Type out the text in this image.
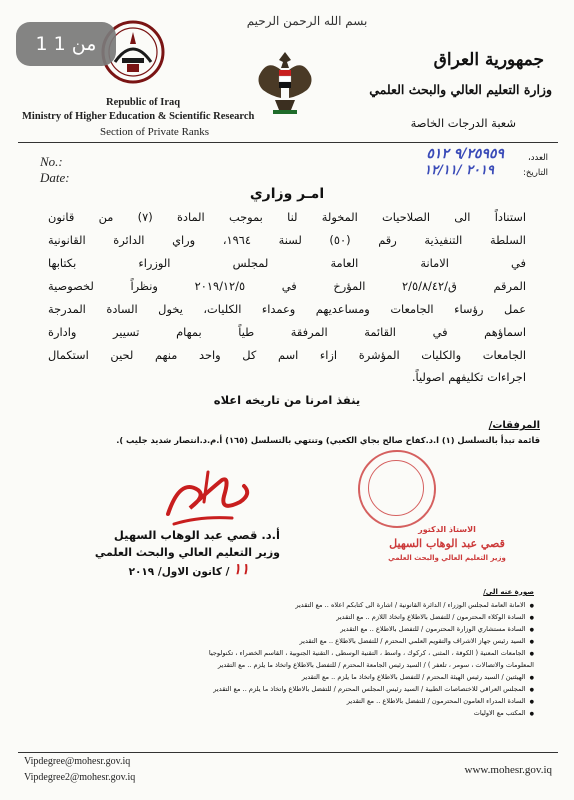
بسم الله الرحمن الرحيم
Republic of Iraq
Ministry of Higher Education & Scientific Research
Section of Private Ranks
جمهورية العراق
وزارة التعليم العالي والبحث العلمي
شعبة الدرجات الخاصة
No.:
Date:
العدد،
التاريخ:
٩/٢٥٩٥٩ ٥١٢
٢٠١٩ /١٢/١١
امـر وزاري
استناداً الى الصلاحيات المخولة لنا بموجب المادة (٧) من قانون
السلطة التنفيذية رقم (٥٠) لسنة ١٩٦٤، وراي الدائرة القانونية
في الامانة العامة لمجلس الوزراء بكتابها
المرقم ق/٢/٥/٨/٤٢ المؤرخ في ٢٠١٩/١٢/٥ ونظراً لخصوصية
عمل رؤساء الجامعات ومساعديهم وعمداء الكليات، يخول السادة المدرجة
اسماؤهم في القائمة المرفقة طياً بمهام تسيير وادارة
الجامعات والكليات المؤشرة ازاء اسم كل واحد منهم لحين استكمال
اجراءات تكليفهم اصولياً.
ينفذ امرنا من تاريخه اعلاه
المرفقات/
قائمة تبدأ بالتسلسل (١) ا.د.كفاح صالح بجاي الكعبي) وتنتهي بالتسلسل (١٦٥) أ.م.د.انتصار شديد جليب ).
أ.د. قصي عبد الوهاب السهيل
وزير التعليم العالي والبحث العلمي
/ كانون الاول/ ٢٠١٩ ١١
الاستاذ الدكتور
قصي عبد الوهاب السهيل
وزير التعليم العالي والبحث العلمي
صورة عنه الى/
● الامانة العامة لمجلس الوزراء / الدائرة القانونية / اشارة الى كتابكم اعلاه .. مع التقدير
● السادة الوكلاء المحترمون / للتفضل بالاطلاع واتخاذ اللازم .. مع التقدير
● السادة مستشاري الوزارة المحترمون / للتفضل بالاطلاع .. مع التقدير
● السيد رئيس جهاز الاشراف والتقويم العلمي المحترم / للتفضل بالاطلاع .. مع التقدير
● الجامعات المعنية ( الكوفة ، المثنى ، كركوك ، واسط ، التقنية الوسطى ، التقنية الجنوبية ، القاسم الخضراء ، تكنولوجيا
المعلومات والاتصالات ، سومر ، تلعفر ) / السيد رئيس الجامعة المحترم / للتفضل بالاطلاع واتخاذ ما يلزم .. مع التقدير
● الهيئتين / السيد رئيس الهيئة المحترم / للتفضل بالاطلاع واتخاذ ما يلزم .. مع التقدير
● المجلس العراقي للاختصاصات الطبية / السيد رئيس المجلس المحترم / للتفضل بالاطلاع واتخاذ ما يلزم .. مع التقدير
● السادة المدراء العامون المحترمون / للتفضل بالاطلاع .. مع التقدير
● المكتب مع الاوليات
Vipdegree@mohesr.gov.iq
Vipdegree2@mohesr.gov.iq
www.mohesr.gov.iq
1 من 1
